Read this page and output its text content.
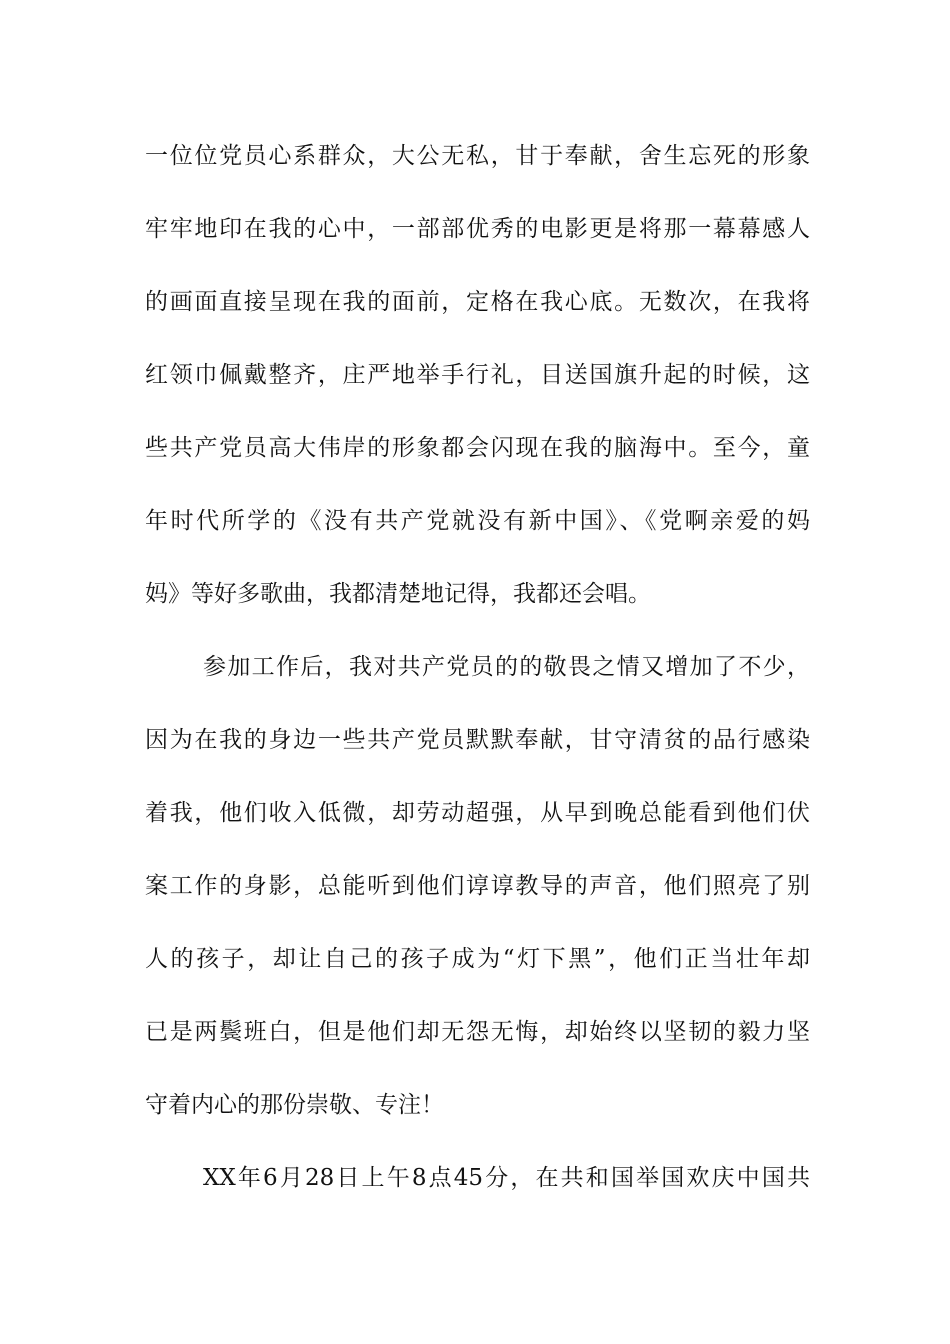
一位位党员心系群众，大公无私，甘于奉献，舍生忘死的形象
牢牢地印在我的心中，一部部优秀的电影更是将那一幕幕感人
的画面直接呈现在我的面前，定格在我心底。无数次，在我将
红领巾佩戴整齐，庄严地举手行礼，目送国旗升起的时候，这
些共产党员高大伟岸的形象都会闪现在我的脑海中。至今，童
年时代所学的《没有共产党就没有新中国》、《党啊亲爱的妈
妈》等好多歌曲，我都清楚地记得，我都还会唱。
参加工作后，我对共产党员的的敬畏之情又增加了不少，
因为在我的身边一些共产党员默默奉献，甘守清贫的品行感染
着我，他们收入低微，却劳动超强，从早到晚总能看到他们伏
案工作的身影，总能听到他们谆谆教导的声音，他们照亮了别
人的孩子，却让自己的孩子成为“灯下黑”，他们正当壮年却
已是两鬓班白，但是他们却无怨无悔，却始终以坚韧的毅力坚
守着内心的那份崇敬、专注！
XX年6月28日上午8点45分，在共和国举国欢庆中国共
